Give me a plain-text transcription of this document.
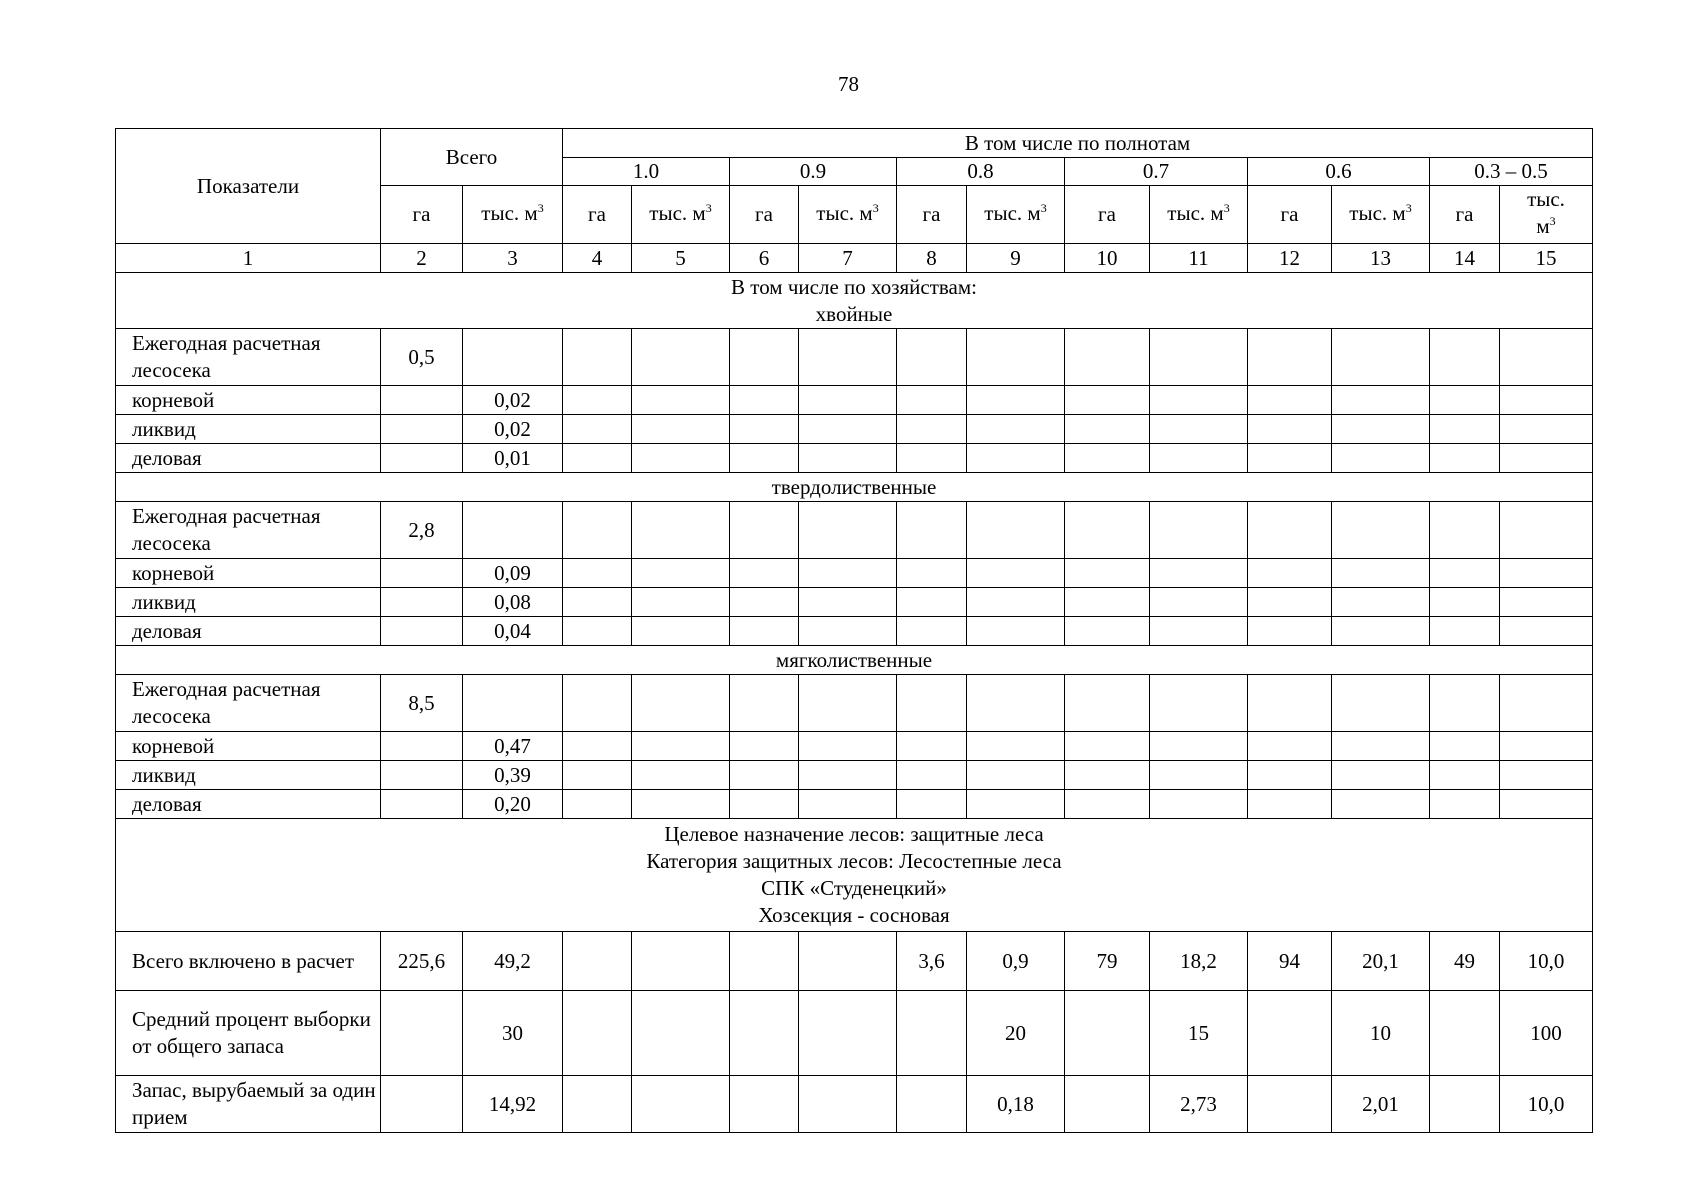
78
Показатели	Всего		В том числе по полнотам											
			1.0		0.9		0.8		0.7		0.6		0.3 – 0.5	
	га	тыс. $м^3$	га	тыс. $м^3$	га	тыс. $м^3$	га	тыс. $м^3$	га	тыс. $м^3$	га	тыс. $м^3$	га	тыс.
$м^3$
1	2	3	4	5	6	7	8	9	10	11	12	13	14	15
В том числе по хозяйствам:
хвойные														
Ежегодная расчетная лесосека	0,5													
корневой		0,02												
ликвид		0,02												
деловая		0,01												
твердолиственные														
Ежегодная расчетная лесосека	2,8													
корневой		0,09												
ликвид		0,08												
деловая		0,04												
мягколиственные														
Ежегодная расчетная лесосека	8,5													
корневой		0,47												
ликвид		0,39												
деловая		0,20												
Целевое назначение лесов: защитные леса
Категория защитных лесов: Лесостепные леса
СПК «Студенецкий»
Хозсекция - сосновая														
Всего включено в расчет	225,6	49,2					3,6	0,9	79	18,2	94	20,1	49	10,0
Средний процент выборки от общего запаса		30						20		15		10		100
Запас, вырубаемый за один прием		14,92						0,18		2,73		2,01		10,0
